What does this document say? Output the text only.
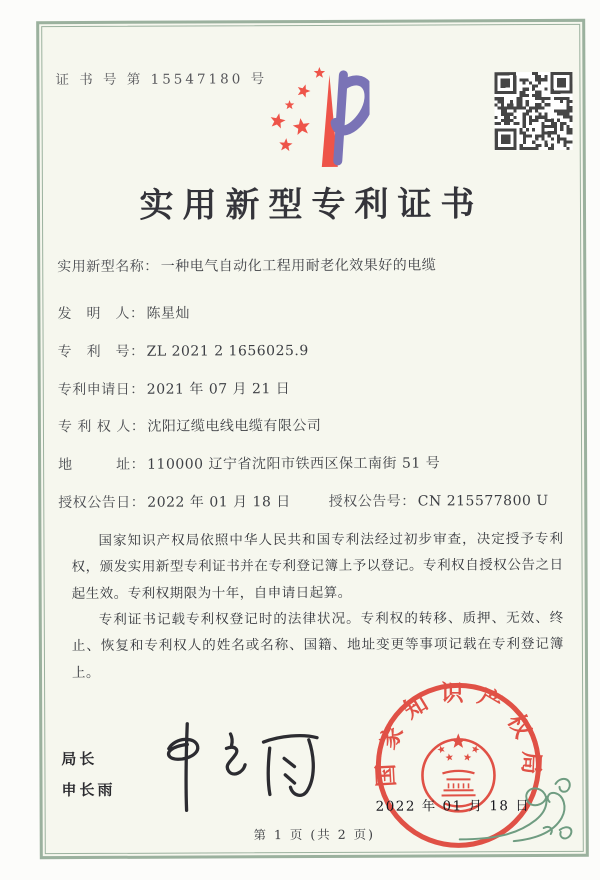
证 书 号 第 15547180 号
实用新型专利证书
实用新型名称： 一种电气自动化工程用耐老化效果好的电缆
发　明　人： 陈星灿
专　利　号： ZL 2021 2 1656025.9
专利申请日： 2021 年 07 月 21 日
专 利 权 人： 沈阳辽缆电线电缆有限公司
地　　　址： 110000 辽宁省沈阳市铁西区保工南街 51 号
授权公告日： 2022 年 01 月 18 日	授权公告号： CN 215577800 U

国家知识产权局依照中华人民共和国专利法经过初步审查，决定授予专利权，颁发实用新型专利证书并在专利登记簿上予以登记。专利权自授权公告之日起生效。专利权期限为十年，自申请日起算。

专利证书记载专利权登记时的法律状况。专利权的转移、质押、无效、终止、恢复和专利权人的姓名或名称、国籍、地址变更等事项记载在专利登记簿上。

局长
申长雨
国家知识产权局
2022 年 01 月 18 日
第 1 页 (共 2 页)
